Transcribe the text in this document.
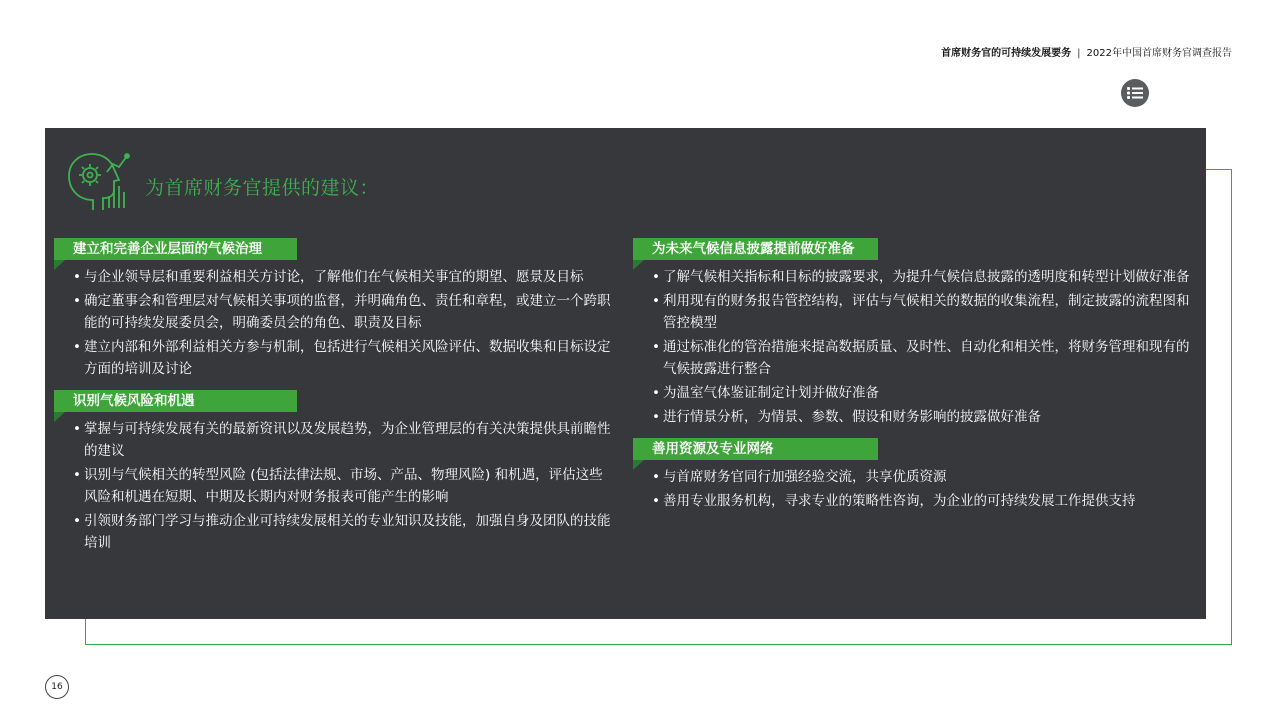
首席财务官的可持续发展要务 | 2022年中国首席财务官调查报告
为首席财务官提供的建议：
建立和完善企业层面的气候治理
• 与企业领导层和重要利益相关方讨论，了解他们在气候相关事宜的期望、愿景及目标
• 确定董事会和管理层对气候相关事项的监督，并明确角色、责任和章程，或建立一个跨职能的可持续发展委员会，明确委员会的角色、职责及目标
• 建立内部和外部利益相关方参与机制，包括进行气候相关风险评估、数据收集和目标设定方面的培训及讨论
识别气候风险和机遇
• 掌握与可持续发展有关的最新资讯以及发展趋势，为企业管理层的有关决策提供具前瞻性的建议
• 识别与气候相关的转型风险 (包括法律法规、市场、产品、物理风险) 和机遇，评估这些风险和机遇在短期、中期及长期内对财务报表可能产生的影响
• 引领财务部门学习与推动企业可持续发展相关的专业知识及技能，加强自身及团队的技能培训
为未来气候信息披露提前做好准备
• 了解气候相关指标和目标的披露要求，为提升气候信息披露的透明度和转型计划做好准备
• 利用现有的财务报告管控结构，评估与气候相关的数据的收集流程，制定披露的流程图和管控模型
• 通过标准化的管治措施来提高数据质量、及时性、自动化和相关性，将财务管理和现有的气候披露进行整合
• 为温室气体鉴证制定计划并做好准备
• 进行情景分析，为情景、参数、假设和财务影响的披露做好准备
善用资源及专业网络
• 与首席财务官同行加强经验交流，共享优质资源
• 善用专业服务机构，寻求专业的策略性咨询，为企业的可持续发展工作提供支持
16
